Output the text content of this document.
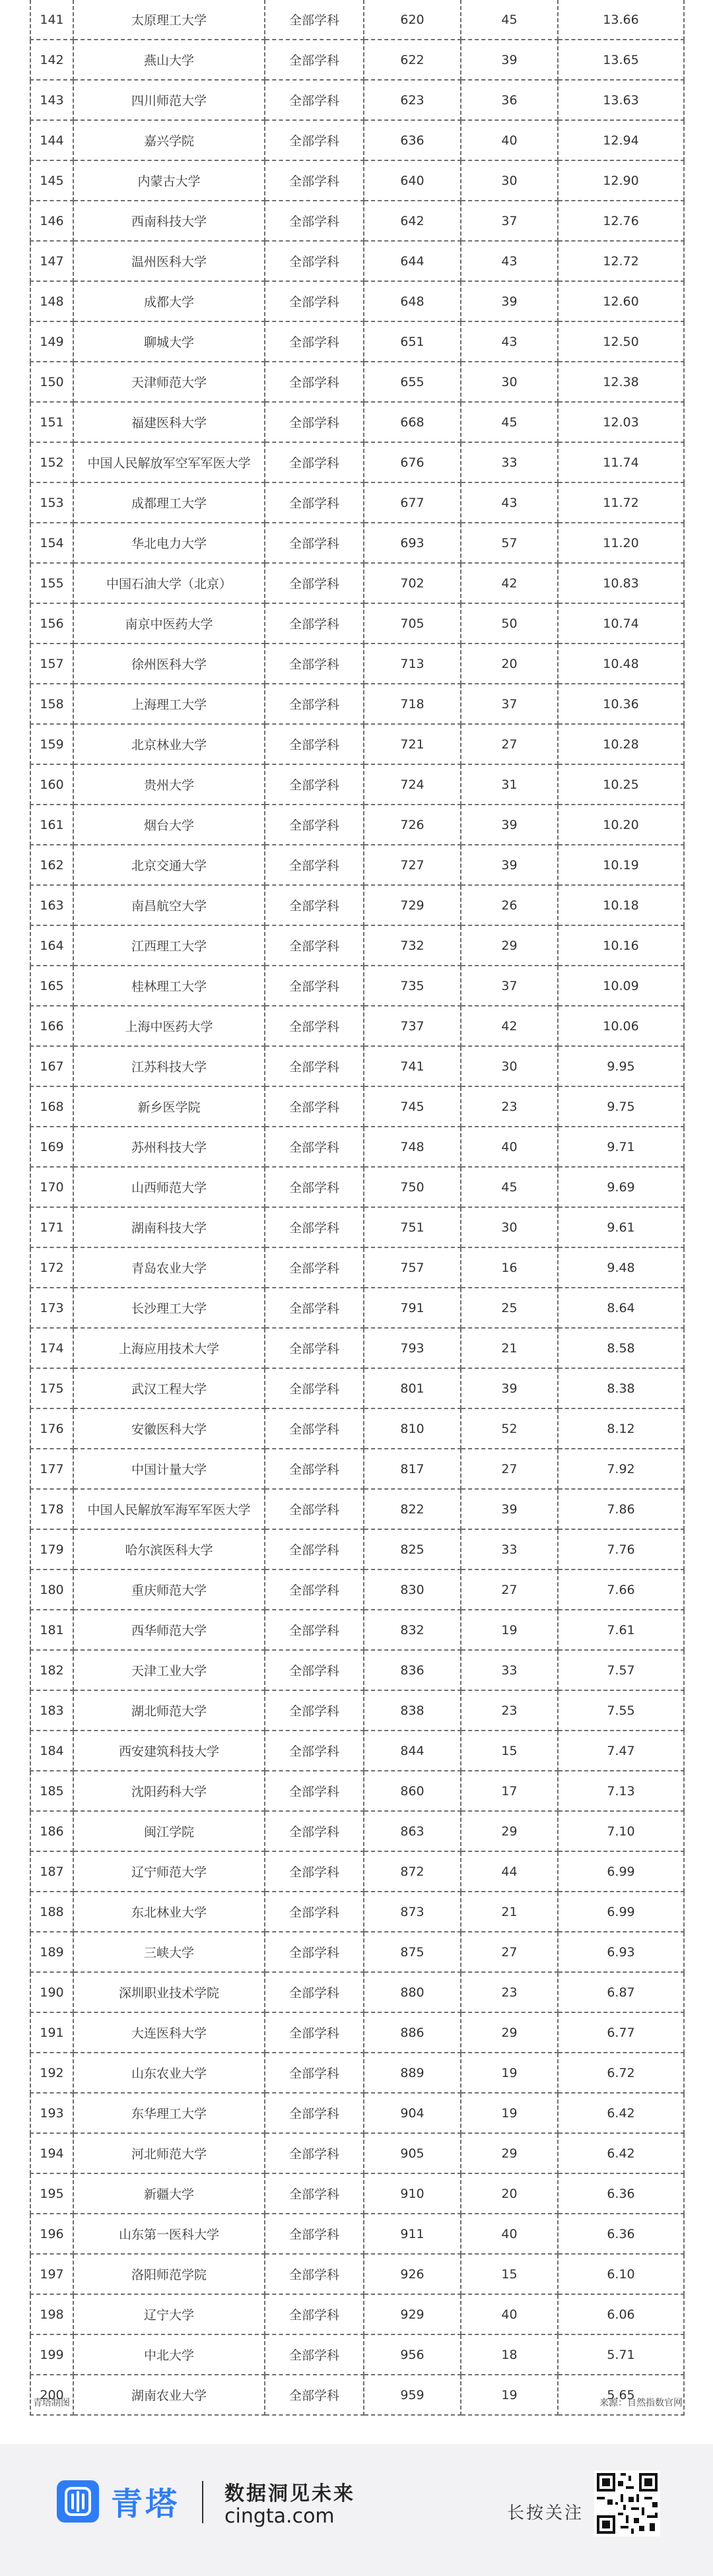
141	太原理工大学	全部学科	620	45	13.66
142	燕山大学	全部学科	622	39	13.65
143	四川师范大学	全部学科	623	36	13.63
144	嘉兴学院	全部学科	636	40	12.94
145	内蒙古大学	全部学科	640	30	12.90
146	西南科技大学	全部学科	642	37	12.76
147	温州医科大学	全部学科	644	43	12.72
148	成都大学	全部学科	648	39	12.60
149	聊城大学	全部学科	651	43	12.50
150	天津师范大学	全部学科	655	30	12.38
151	福建医科大学	全部学科	668	45	12.03
152	中国人民解放军空军军医大学	全部学科	676	33	11.74
153	成都理工大学	全部学科	677	43	11.72
154	华北电力大学	全部学科	693	57	11.20
155	中国石油大学（北京）	全部学科	702	42	10.83
156	南京中医药大学	全部学科	705	50	10.74
157	徐州医科大学	全部学科	713	20	10.48
158	上海理工大学	全部学科	718	37	10.36
159	北京林业大学	全部学科	721	27	10.28
160	贵州大学	全部学科	724	31	10.25
161	烟台大学	全部学科	726	39	10.20
162	北京交通大学	全部学科	727	39	10.19
163	南昌航空大学	全部学科	729	26	10.18
164	江西理工大学	全部学科	732	29	10.16
165	桂林理工大学	全部学科	735	37	10.09
166	上海中医药大学	全部学科	737	42	10.06
167	江苏科技大学	全部学科	741	30	9.95
168	新乡医学院	全部学科	745	23	9.75
169	苏州科技大学	全部学科	748	40	9.71
170	山西师范大学	全部学科	750	45	9.69
171	湖南科技大学	全部学科	751	30	9.61
172	青岛农业大学	全部学科	757	16	9.48
173	长沙理工大学	全部学科	791	25	8.64
174	上海应用技术大学	全部学科	793	21	8.58
175	武汉工程大学	全部学科	801	39	8.38
176	安徽医科大学	全部学科	810	52	8.12
177	中国计量大学	全部学科	817	27	7.92
178	中国人民解放军海军军医大学	全部学科	822	39	7.86
179	哈尔滨医科大学	全部学科	825	33	7.76
180	重庆师范大学	全部学科	830	27	7.66
181	西华师范大学	全部学科	832	19	7.61
182	天津工业大学	全部学科	836	33	7.57
183	湖北师范大学	全部学科	838	23	7.55
184	西安建筑科技大学	全部学科	844	15	7.47
185	沈阳药科大学	全部学科	860	17	7.13
186	闽江学院	全部学科	863	29	7.10
187	辽宁师范大学	全部学科	872	44	6.99
188	东北林业大学	全部学科	873	21	6.99
189	三峡大学	全部学科	875	27	6.93
190	深圳职业技术学院	全部学科	880	23	6.87
191	大连医科大学	全部学科	886	29	6.77
192	山东农业大学	全部学科	889	19	6.72
193	东华理工大学	全部学科	904	19	6.42
194	河北师范大学	全部学科	905	29	6.42
195	新疆大学	全部学科	910	20	6.36
196	山东第一医科大学	全部学科	911	40	6.36
197	洛阳师范学院	全部学科	926	15	6.10
198	辽宁大学	全部学科	929	40	6.06
199	中北大学	全部学科	956	18	5.71
200	湖南农业大学	全部学科	959	19	5.65
青塔制图	来源：自然指数官网
青塔 数据洞见未来
cingta.com	长按关注
